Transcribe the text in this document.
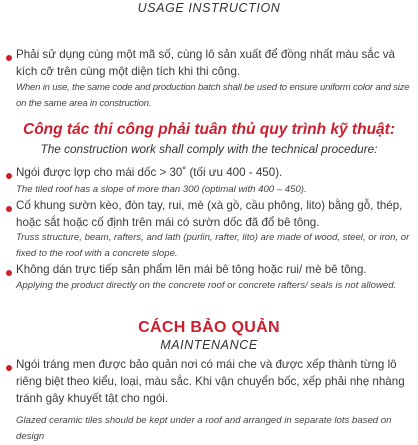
USAGE INSTRUCTION
Phải sử dụng cùng một mã số, cùng lô sản xuất để đồng nhất màu sắc và kích cỡ trên cùng một diện tích khi thi công.
When in use, the same code and production batch shall be used to ensure uniform color and size on the same area in construction.
Công tác thi công phải tuân thủ quy trình kỹ thuật:
The construction work shall comply with the technical procedure:
Ngói được lợp cho mái dốc > 30˚ (tối ưu 400 - 450).
The tiled roof has a slope of more than 300 (optimal with 400 – 450).
Cố khung sườn kèo, đòn tay, rui, mè (xà gồ, cầu phông, lito) bằng gỗ, thép, hoặc sắt hoặc cố định trên mái có sườn dốc đã đổ bê tông.
Truss structure, beam, rafters, and lath (purlin, rafter, lito) are made of wood, steel, or iron, or fixed to the roof with a concrete slope.
Không dán trực tiếp sản phẩm lên mái bê tông hoặc rui/ mè bê tông.
Applying the product directly on the concrete roof or concrete rafters/ seals is not allowed.
CÁCH BẢO QUẢN
MAINTENANCE
Ngói tráng men được bảo quản nơi có mái che và được xếp thành từng lô riêng biệt theo kiểu, loại, màu sắc. Khi vận chuyển bốc, xếp phải nhẹ nhàng tránh gây khuyết tật cho ngói.
Glazed ceramic tiles should be kept under a roof and arranged in separate lots based on design
